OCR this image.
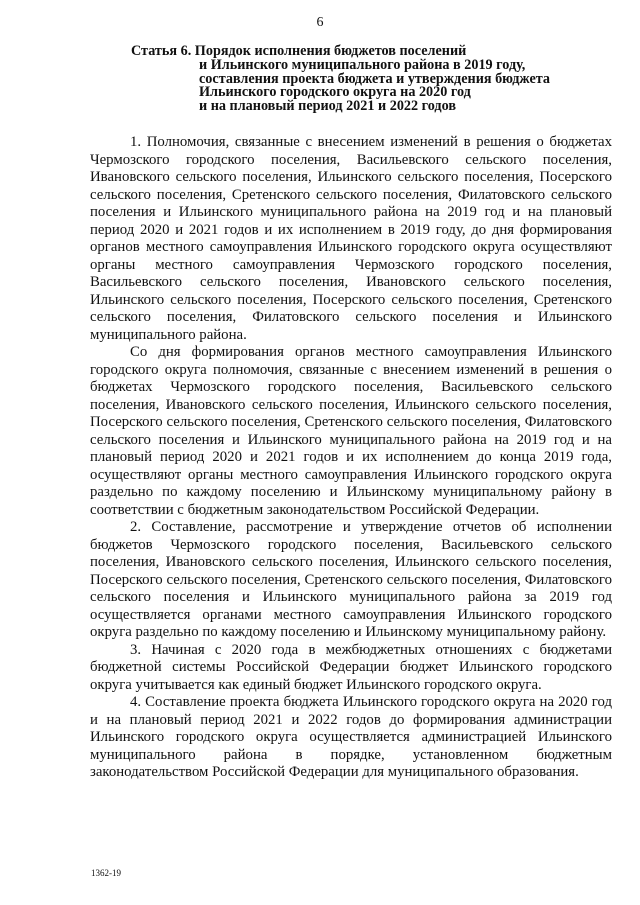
6
Статья 6. Порядок исполнения бюджетов поселений
и Ильинского муниципального района в 2019 году,
составления проекта бюджета и утверждения бюджета
Ильинского городского округа на 2020 год
и на плановый период 2021 и 2022 годов

1. Полномочия, связанные с внесением изменений в решения о бюджетах Чермозского городского поселения, Васильевского сельского поселения, Ивановского сельского поселения, Ильинского сельского поселения, Посерского сельского поселения, Сретенского сельского поселения, Филатовского сельского поселения и Ильинского муниципального района на 2019 год и на плановый период 2020 и 2021 годов и их исполнением в 2019 году, до дня формирования органов местного самоуправления Ильинского городского округа осуществляют органы местного самоуправления Чермозского городского поселения, Васильевского сельского поселения, Ивановского сельского поселения, Ильинского сельского поселения, Посерского сельского поселения, Сретенского сельского поселения, Филатовского сельского поселения и Ильинского муниципального района.

Со дня формирования органов местного самоуправления Ильинского городского округа полномочия, связанные с внесением изменений в решения о бюджетах Чермозского городского поселения, Васильевского сельского поселения, Ивановского сельского поселения, Ильинского сельского поселения, Посерского сельского поселения, Сретенского сельского поселения, Филатовского сельского поселения и Ильинского муниципального района на 2019 год и на плановый период 2020 и 2021 годов и их исполнением до конца 2019 года, осуществляют органы местного самоуправления Ильинского городского округа раздельно по каждому поселению и Ильинскому муниципальному району в соответствии с бюджетным законодательством Российской Федерации.

2. Составление, рассмотрение и утверждение отчетов об исполнении бюджетов Чермозского городского поселения, Васильевского сельского поселения, Ивановского сельского поселения, Ильинского сельского поселения, Посерского сельского поселения, Сретенского сельского поселения, Филатовского сельского поселения и Ильинского муниципального района за 2019 год осуществляется органами местного самоуправления Ильинского городского округа раздельно по каждому поселению и Ильинскому муниципальному району.

3. Начиная с 2020 года в межбюджетных отношениях с бюджетами бюджетной системы Российской Федерации бюджет Ильинского городского округа учитывается как единый бюджет Ильинского городского округа.

4. Составление проекта бюджета Ильинского городского округа на 2020 год и на плановый период 2021 и 2022 годов до формирования администрации Ильинского городского округа осуществляется администрацией Ильинского муниципального района в порядке, установленном бюджетным законодательством Российской Федерации для муниципального образования.

1362-19
